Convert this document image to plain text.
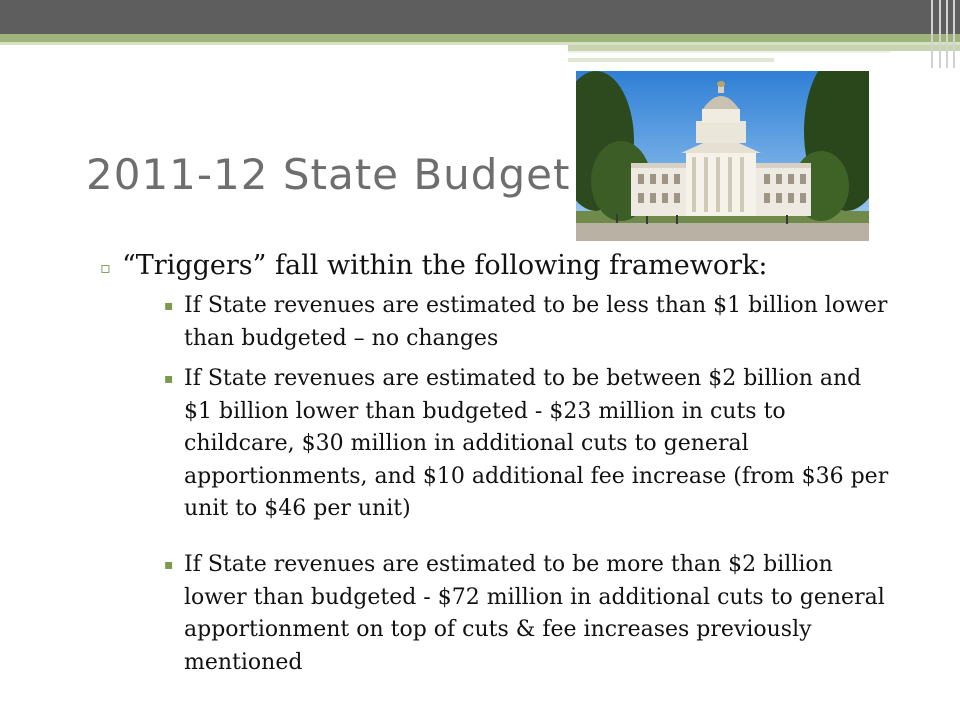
2011-12 State Budget
▫ “Triggers” fall within the following framework:
▪ If State revenues are estimated to be less than $1 billion lower than budgeted – no changes
▪ If State revenues are estimated to be between $2 billion and $1 billion lower than budgeted - $23 million in cuts to childcare, $30 million in additional cuts to general apportionments, and $10 additional fee increase (from $36 per unit to $46 per unit)
▪ If State revenues are estimated to be more than $2 billion lower than budgeted - $72 million in additional cuts to general apportionment on top of cuts & fee increases previously mentioned
